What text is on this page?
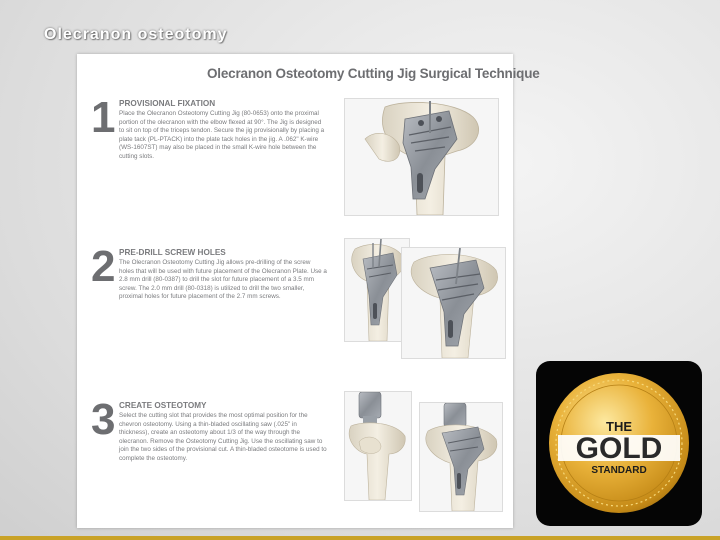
Olecranon osteotomy
Olecranon Osteotomy Cutting Jig Surgical Technique
1 PROVISIONAL FIXATION
Place the Olecranon Osteotomy Cutting Jig (80-0653) onto the proximal portion of the olecranon with the elbow flexed at 90°. The Jig is designed to sit on top of the triceps tendon. Secure the jig provisionally by placing a plate tack (PL-PTACK) into the plate tack holes in the jig. A .062" K-wire (WS-1607ST) may also be placed in the small K-wire hole between the cutting slots.
2 PRE-DRILL SCREW HOLES
The Olecranon Osteotomy Cutting Jig allows pre-drilling of the screw holes that will be used with future placement of the Olecranon Plate. Use a 2.8 mm drill (80-0387) to drill the slot for future placement of a 3.5 mm screw. The 2.0 mm drill (80-0318) is utilized to drill the two smaller, proximal holes for future placement of the 2.7 mm screws.
3 CREATE OSTEOTOMY
Select the cutting slot that provides the most optimal position for the chevron osteotomy. Using a thin-bladed oscillating saw (.025" in thickness), create an osteotomy about 1/3 of the way through the olecranon. Remove the Osteotomy Cutting Jig. Use the oscillating saw to join the two sides of the provisional cut. A thin-bladed osteotome is used to complete the osteotomy.
THE
GOLD
STANDARD
